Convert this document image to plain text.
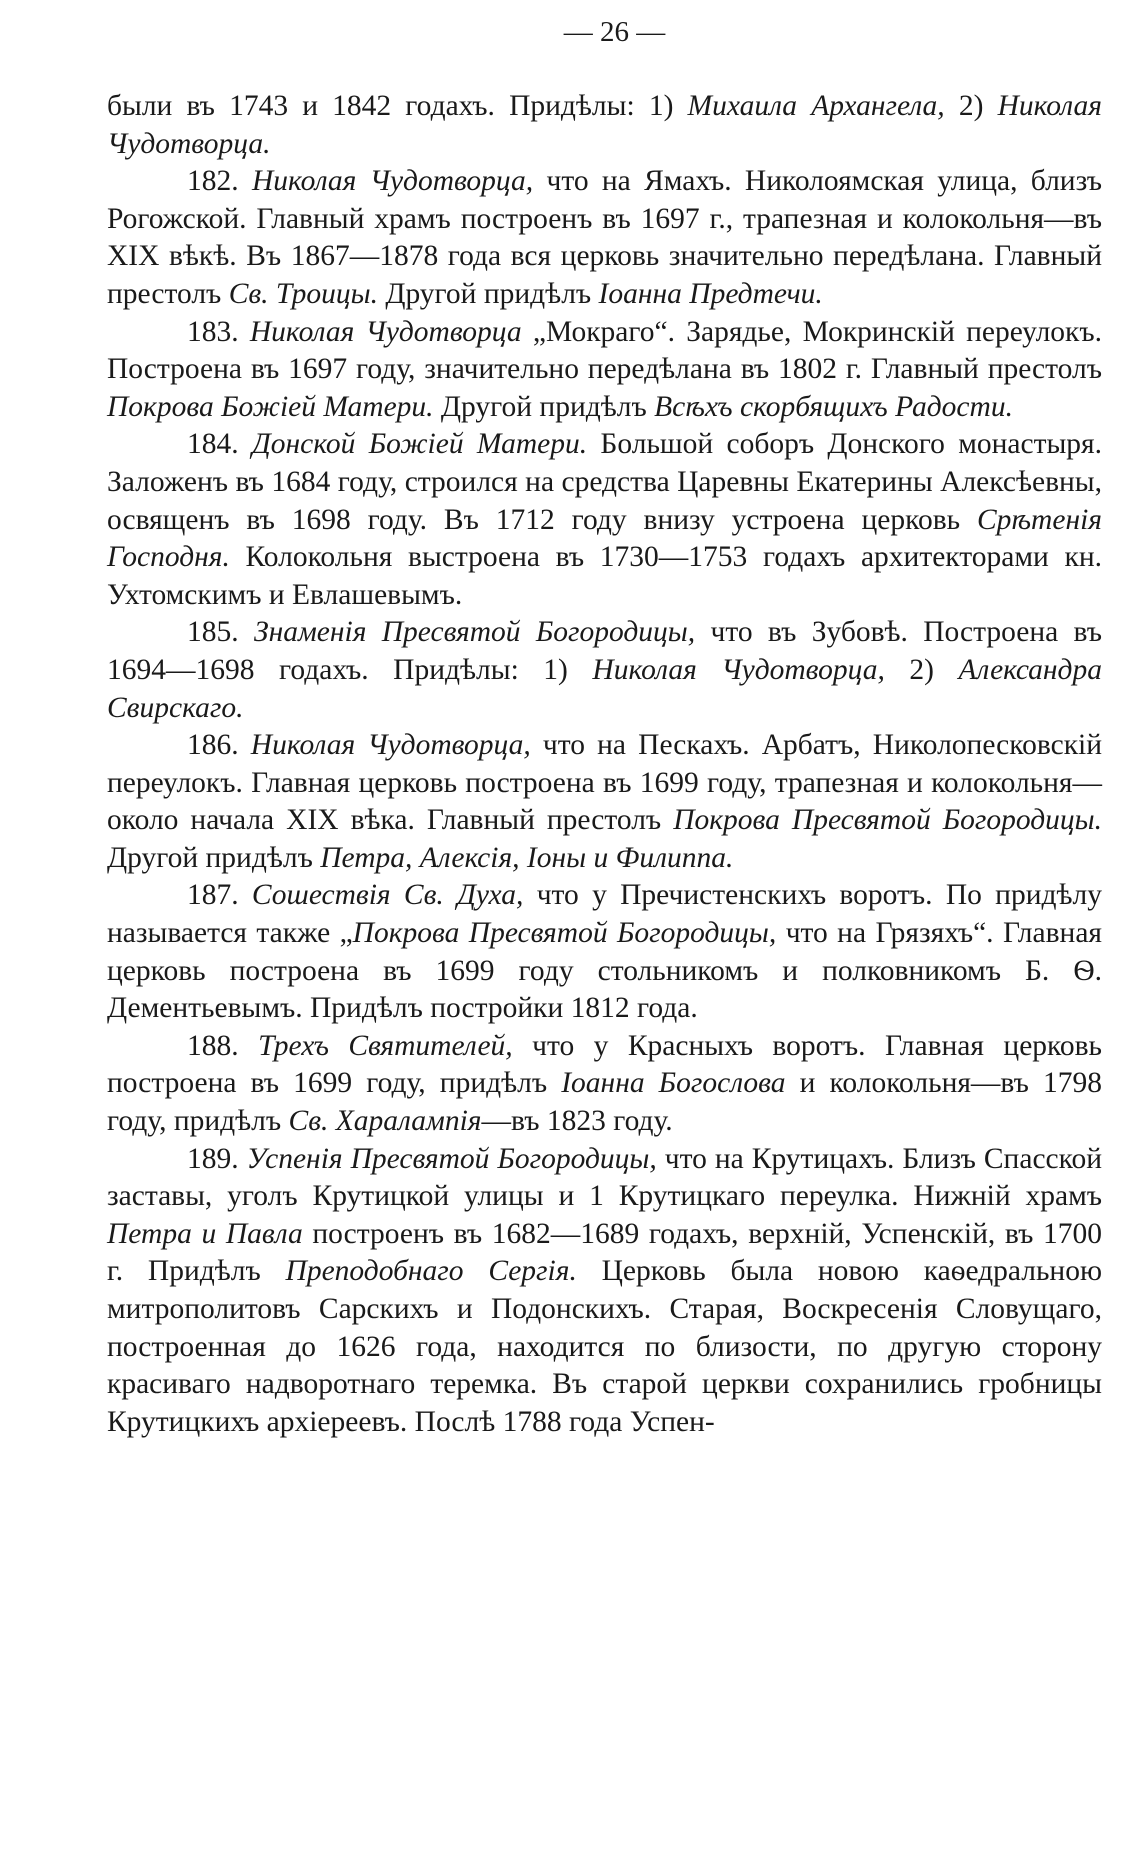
— 26 —

были въ 1743 и 1842 годахъ. Придѣлы: 1) Михаила Архангела, 2) Николая Чудотворца.

182. Николая Чудотворца, что на Ямахъ. Николоямская улица, близъ Рогожской. Главный храмъ построенъ въ 1697 г., трапезная и колокольня—въ XIX вѣкѣ. Въ 1867—1878 года вся церковь значительно передѣлана. Главный престолъ Св. Троицы. Другой придѣлъ Іоанна Предтечи.

183. Николая Чудотворца „Мокраго“. Зарядье, Мокринскій переулокъ. Построена въ 1697 году, значительно передѣлана въ 1802 г. Главный престолъ Покрова Божіей Матери. Другой придѣлъ Всѣхъ скорбящихъ Радости.

184. Донской Божіей Матери. Большой соборъ Донского монастыря. Заложенъ въ 1684 году, строился на средства Царевны Екатерины Алексѣевны, освященъ въ 1698 году. Въ 1712 году внизу устроена церковь Срѣтенія Господня. Колокольня выстроена въ 1730—1753 годахъ архитекторами кн. Ухтомскимъ и Евлашевымъ.

185. Знаменія Пресвятой Богородицы, что въ Зубовѣ. Построена въ 1694—1698 годахъ. Придѣлы: 1) Николая Чудотворца, 2) Александра Свирскаго.

186. Николая Чудотворца, что на Пескахъ. Арбатъ, Николопесковскій переулокъ. Главная церковь построена въ 1699 году, трапезная и колокольня—около начала XIX вѣка. Главный престолъ Покрова Пресвятой Богородицы. Другой придѣлъ Петра, Алексія, Іоны и Филиппа.

187. Сошествія Св. Духа, что у Пречистенскихъ воротъ. По придѣлу называется также „Покрова Пресвятой Богородицы, что на Грязяхъ“. Главная церковь построена въ 1699 году стольникомъ и полковникомъ Б. Ѳ. Дементьевымъ. Придѣлъ постройки 1812 года.

188. Трехъ Святителей, что у Красныхъ воротъ. Главная церковь построена въ 1699 году, придѣлъ Іоанна Богослова и колокольня—въ 1798 году, придѣлъ Св. Харалампія—въ 1823 году.

189. Успенія Пресвятой Богородицы, что на Крутицахъ. Близъ Спасской заставы, уголъ Крутицкой улицы и 1 Крутицкаго переулка. Нижній храмъ Петра и Павла построенъ въ 1682—1689 годахъ, верхній, Успенскій, въ 1700 г. Придѣлъ Преподобнаго Сергія. Церковь была новою каѳедральною митрополитовъ Сарскихъ и Подонскихъ. Старая, Воскресенія Словущаго, построенная до 1626 года, находится по близости, по другую сторону красиваго надворотнаго теремка. Въ старой церкви сохранились гробницы Крутицкихъ архіереевъ. Послѣ 1788 года Успен-
